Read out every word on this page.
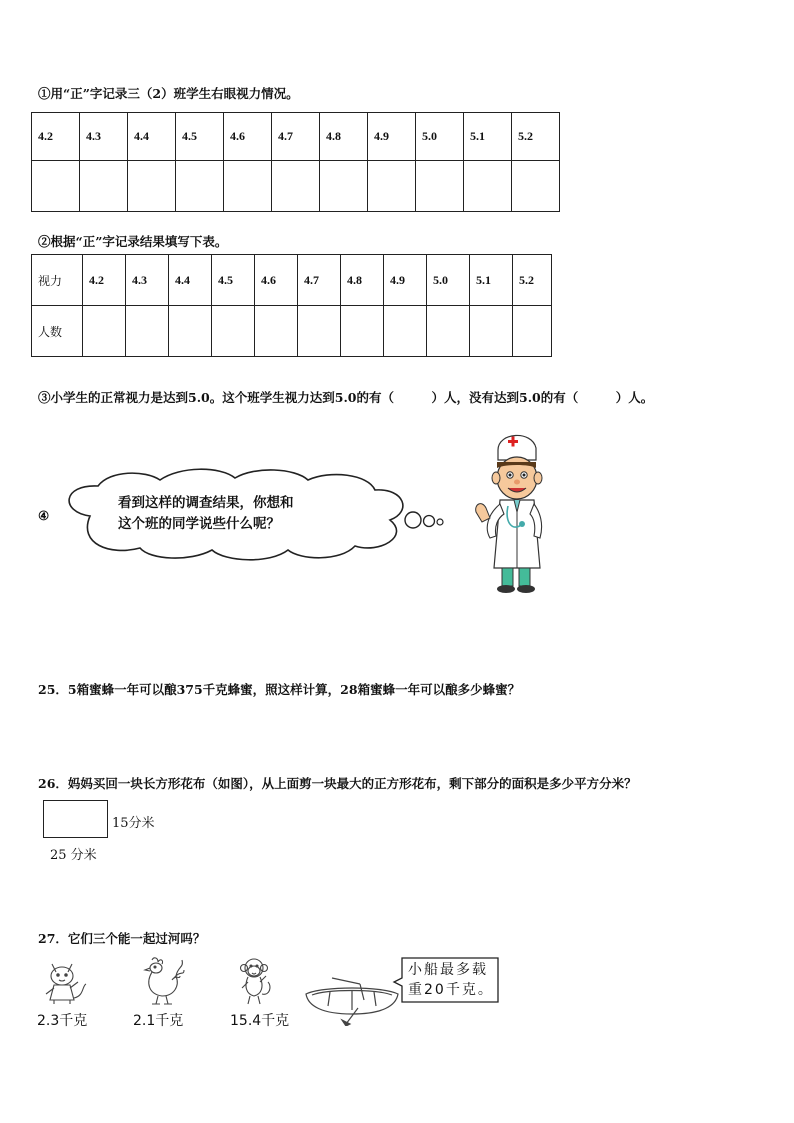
①用“正”字记录三（2）班学生右眼视力情况。
4.2	4.3	4.4	4.5	4.6	4.7	4.8	4.9	5.0	5.1	5.2

②根据“正”字记录结果填写下表。
视力	4.2	4.3	4.4	4.5	4.6	4.7	4.8	4.9	5.0	5.1	5.2
人数											
③小学生的正常视力是达到5.0。这个班学生视力达到5.0的有（　　　）人，没有达到5.0的有（　　　）人。
④
看到这样的调查结果，你想和
这个班的同学说些什么呢？
25．5箱蜜蜂一年可以酿375千克蜂蜜，照这样计算，28箱蜜蜂一年可以酿多少蜂蜜？
26．妈妈买回一块长方形花布（如图），从上面剪一块最大的正方形花布，剩下部分的面积是多少平方分米？
15分米
25 分米
27．它们三个能一起过河吗？
2.3千克	2.1千克	15.4千克
小船最多载
重20千克。
